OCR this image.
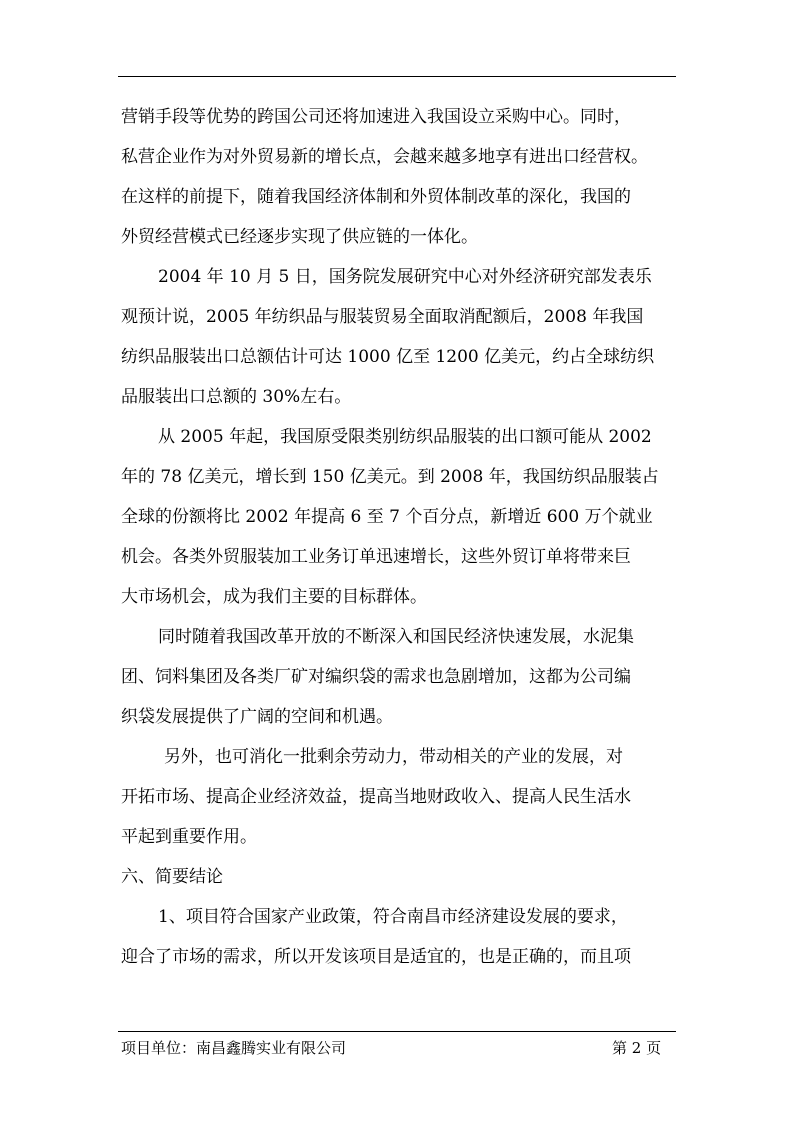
营销手段等优势的跨国公司还将加速进入我国设立采购中心。同时，
私营企业作为对外贸易新的增长点，会越来越多地享有进出口经营权。
在这样的前提下，随着我国经济体制和外贸体制改革的深化，我国的
外贸经营模式已经逐步实现了供应链的一体化。
2004 年 10 月 5 日，国务院发展研究中心对外经济研究部发表乐
观预计说，2005 年纺织品与服装贸易全面取消配额后，2008 年我国
纺织品服装出口总额估计可达 1000 亿至 1200 亿美元，约占全球纺织
品服装出口总额的 30%左右。
从 2005 年起，我国原受限类别纺织品服装的出口额可能从 2002
年的 78 亿美元，增长到 150 亿美元。到 2008 年，我国纺织品服装占
全球的份额将比 2002 年提高 6 至 7 个百分点，新增近 600 万个就业
机会。各类外贸服装加工业务订单迅速增长，这些外贸订单将带来巨
大市场机会，成为我们主要的目标群体。
同时随着我国改革开放的不断深入和国民经济快速发展，水泥集
团、饲料集团及各类厂矿对编织袋的需求也急剧增加，这都为公司编
织袋发展提供了广阔的空间和机遇。
另外，也可消化一批剩余劳动力，带动相关的产业的发展，对
开拓市场、提高企业经济效益，提高当地财政收入、提高人民生活水
平起到重要作用。
六、简要结论
1、项目符合国家产业政策，符合南昌市经济建设发展的要求，
迎合了市场的需求，所以开发该项目是适宜的，也是正确的，而且项
项目单位：南昌鑫腾实业有限公司	第 2 页
